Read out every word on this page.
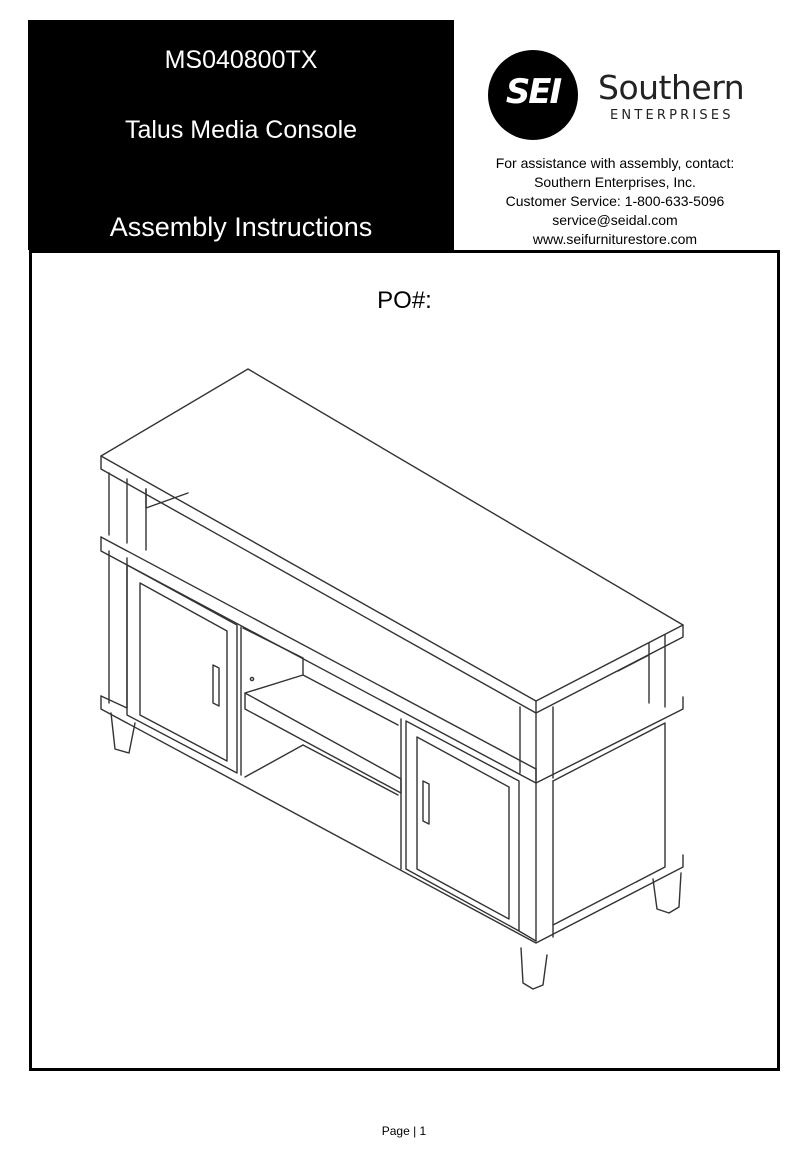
MS040800TX
Talus Media Console
Assembly Instructions
SEI	Southern
ENTERPRISES
For assistance with assembly, contact:
Southern Enterprises, Inc.
Customer Service: 1-800-633-5096
service@seidal.com
www.seifurniturestore.com
PO#:
Page | 1
